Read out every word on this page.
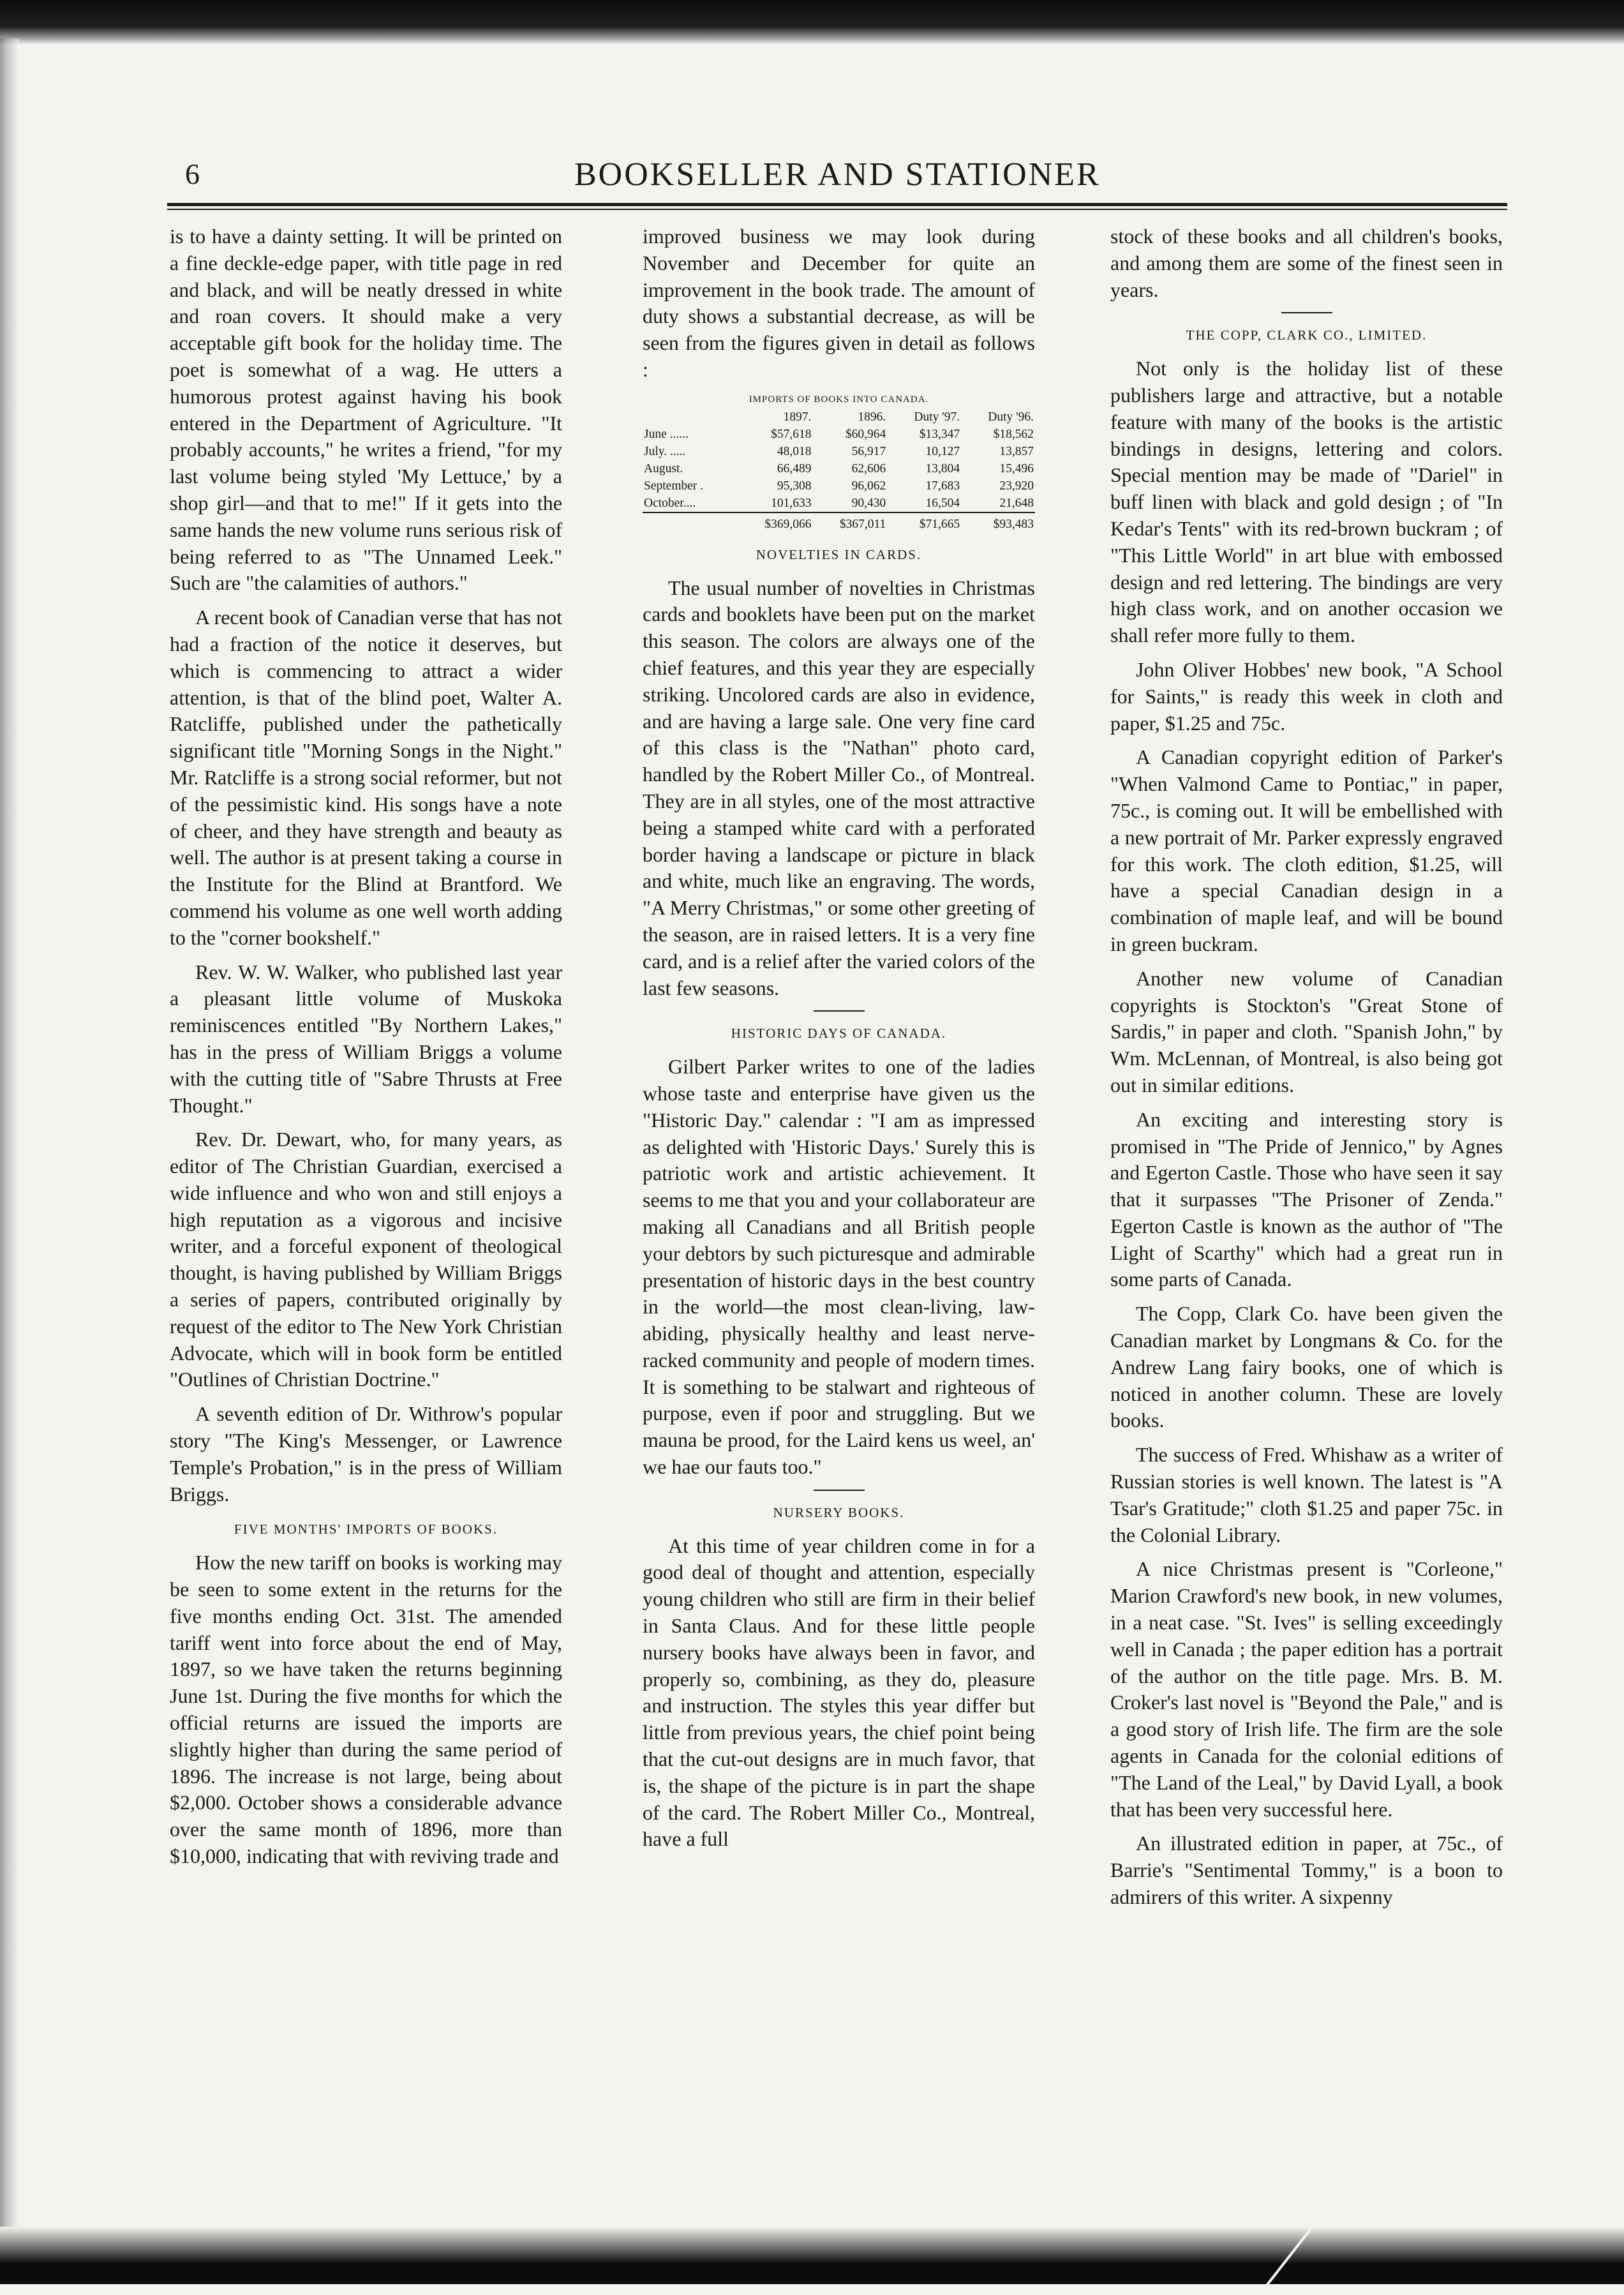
6	BOOKSELLER AND STATIONER

is to have a dainty setting. It will be printed on a fine deckle-edge paper, with title page in red and black, and will be neatly dressed in white and roan covers. It should make a very acceptable gift book for the holiday time. The poet is somewhat of a wag. He utters a humorous protest against having his book entered in the Department of Agriculture. "It probably accounts," he writes a friend, "for my last volume being styled 'My Lettuce,' by a shop girl—and that to me!" If it gets into the same hands the new volume runs serious risk of being referred to as "The Unnamed Leek." Such are "the calamities of authors."

A recent book of Canadian verse that has not had a fraction of the notice it deserves, but which is commencing to attract a wider attention, is that of the blind poet, Walter A. Ratcliffe, published under the pathetically significant title "Morning Songs in the Night." Mr. Ratcliffe is a strong social reformer, but not of the pessimistic kind. His songs have a note of cheer, and they have strength and beauty as well. The author is at present taking a course in the Institute for the Blind at Brantford. We commend his volume as one well worth adding to the "corner bookshelf."

Rev. W. W. Walker, who published last year a pleasant little volume of Muskoka reminiscences entitled "By Northern Lakes," has in the press of William Briggs a volume with the cutting title of "Sabre Thrusts at Free Thought."

Rev. Dr. Dewart, who, for many years, as editor of The Christian Guardian, exercised a wide influence and who won and still enjoys a high reputation as a vigorous and incisive writer, and a forceful exponent of theological thought, is having published by William Briggs a series of papers, contributed originally by request of the editor to The New York Christian Advocate, which will in book form be entitled "Outlines of Christian Doctrine."

A seventh edition of Dr. Withrow's popular story "The King's Messenger, or Lawrence Temple's Probation," is in the press of William Briggs.

FIVE MONTHS' IMPORTS OF BOOKS.

How the new tariff on books is working may be seen to some extent in the returns for the five months ending Oct. 31st. The amended tariff went into force about the end of May, 1897, so we have taken the returns beginning June 1st. During the five months for which the official returns are issued the imports are slightly higher than during the same period of 1896. The increase is not large, being about $2,000. October shows a considerable advance over the same month of 1896, more than $10,000, indicating that with reviving trade and

improved business we may look during November and December for quite an improvement in the book trade. The amount of duty shows a substantial decrease, as will be seen from the figures given in detail as follows :

IMPORTS OF BOOKS INTO CANADA.
	1897.	1896.	Duty '97.	Duty '96.
June ......	$57,618	$60,964	$13,347	$18,562
July. .....	48,018	56,917	10,127	13,857
August.	66,489	62,606	13,804	15,496
September .	95,308	96,062	17,683	23,920
October....	101,633	90,430	16,504	21,648
	$369,066	$367,011	$71,665	$93,483
NOVELTIES IN CARDS.

The usual number of novelties in Christmas cards and booklets have been put on the market this season. The colors are always one of the chief features, and this year they are especially striking. Uncolored cards are also in evidence, and are having a large sale. One very fine card of this class is the "Nathan" photo card, handled by the Robert Miller Co., of Montreal. They are in all styles, one of the most attractive being a stamped white card with a perforated border having a landscape or picture in black and white, much like an engraving. The words, "A Merry Christmas," or some other greeting of the season, are in raised letters. It is a very fine card, and is a relief after the varied colors of the last few seasons.

HISTORIC DAYS OF CANADA.

Gilbert Parker writes to one of the ladies whose taste and enterprise have given us the "Historic Day." calendar : "I am as impressed as delighted with 'Historic Days.' Surely this is patriotic work and artistic achievement. It seems to me that you and your collaborateur are making all Canadians and all British people your debtors by such picturesque and admirable presentation of historic days in the best country in the world—the most clean-living, law-abiding, physically healthy and least nerve-racked community and people of modern times. It is something to be stalwart and righteous of purpose, even if poor and struggling. But we mauna be prood, for the Laird kens us weel, an' we hae our fauts too."

NURSERY BOOKS.

At this time of year children come in for a good deal of thought and attention, especially young children who still are firm in their belief in Santa Claus. And for these little people nursery books have always been in favor, and properly so, combining, as they do, pleasure and instruction. The styles this year differ but little from previous years, the chief point being that the cut-out designs are in much favor, that is, the shape of the picture is in part the shape of the card. The Robert Miller Co., Montreal, have a full

stock of these books and all children's books, and among them are some of the finest seen in years.

THE COPP, CLARK CO., LIMITED.

Not only is the holiday list of these publishers large and attractive, but a notable feature with many of the books is the artistic bindings in designs, lettering and colors. Special mention may be made of "Dariel" in buff linen with black and gold design ; of "In Kedar's Tents" with its red-brown buckram ; of "This Little World" in art blue with embossed design and red lettering. The bindings are very high class work, and on another occasion we shall refer more fully to them.

John Oliver Hobbes' new book, "A School for Saints," is ready this week in cloth and paper, $1.25 and 75c.

A Canadian copyright edition of Parker's "When Valmond Came to Pontiac," in paper, 75c., is coming out. It will be embellished with a new portrait of Mr. Parker expressly engraved for this work. The cloth edition, $1.25, will have a special Canadian design in a combination of maple leaf, and will be bound in green buckram.

Another new volume of Canadian copyrights is Stockton's "Great Stone of Sardis," in paper and cloth. "Spanish John," by Wm. McLennan, of Montreal, is also being got out in similar editions.

An exciting and interesting story is promised in "The Pride of Jennico," by Agnes and Egerton Castle. Those who have seen it say that it surpasses "The Prisoner of Zenda." Egerton Castle is known as the author of "The Light of Scarthy" which had a great run in some parts of Canada.

The Copp, Clark Co. have been given the Canadian market by Longmans & Co. for the Andrew Lang fairy books, one of which is noticed in another column. These are lovely books.

The success of Fred. Whishaw as a writer of Russian stories is well known. The latest is "A Tsar's Gratitude;" cloth $1.25 and paper 75c. in the Colonial Library.

A nice Christmas present is "Corleone," Marion Crawford's new book, in new volumes, in a neat case. "St. Ives" is selling exceedingly well in Canada ; the paper edition has a portrait of the author on the title page. Mrs. B. M. Croker's last novel is "Beyond the Pale," and is a good story of Irish life. The firm are the sole agents in Canada for the colonial editions of "The Land of the Leal," by David Lyall, a book that has been very successful here.

An illustrated edition in paper, at 75c., of Barrie's "Sentimental Tommy," is a boon to admirers of this writer. A sixpenny
